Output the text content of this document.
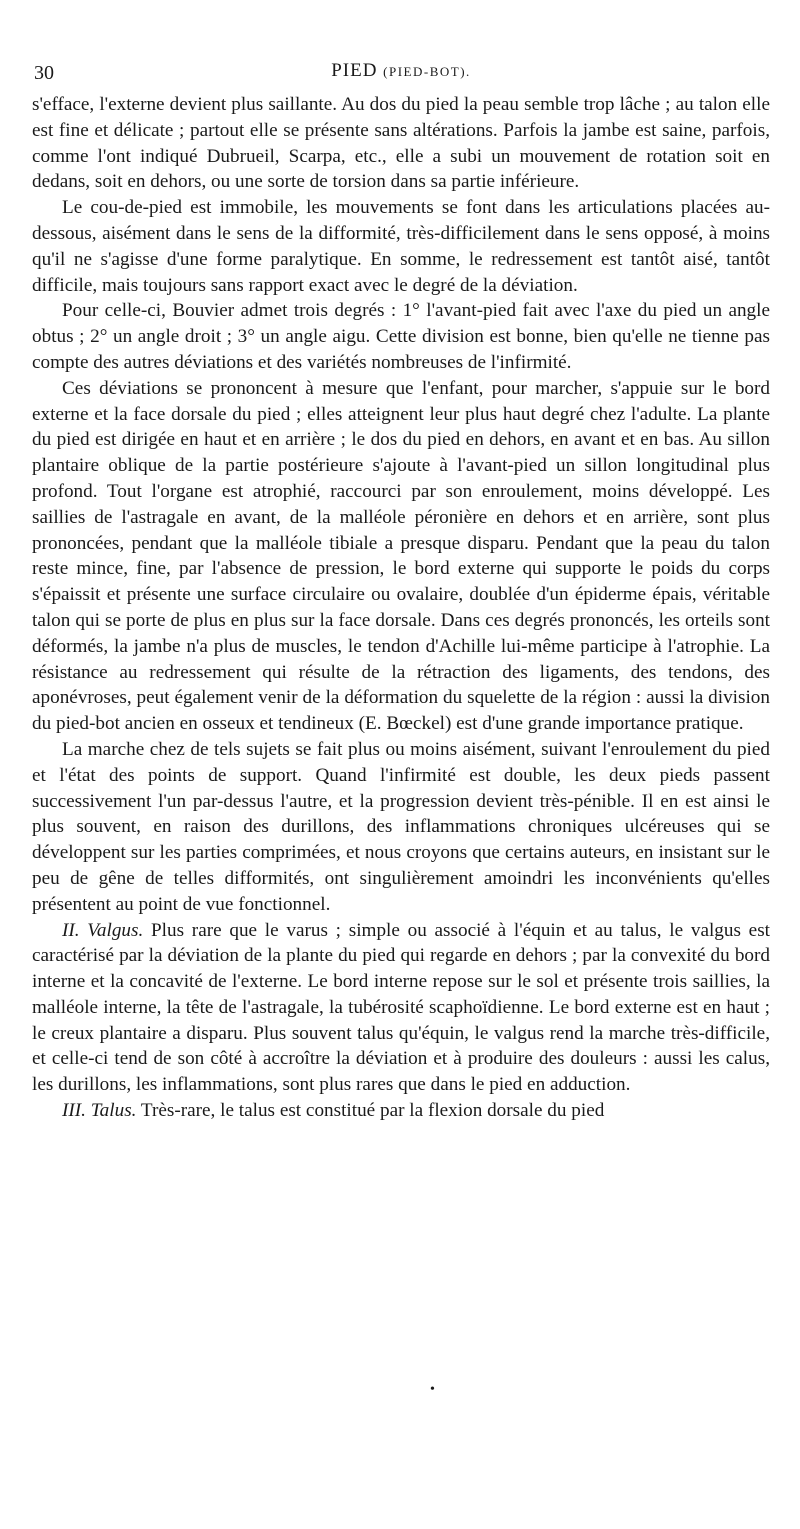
30	PIED (PIED-BOT).

s'efface, l'externe devient plus saillante. Au dos du pied la peau semble trop lâche ; au talon elle est fine et délicate ; partout elle se présente sans altérations. Parfois la jambe est saine, parfois, comme l'ont indiqué Dubrueil, Scarpa, etc., elle a subi un mouvement de rotation soit en dedans, soit en dehors, ou une sorte de torsion dans sa partie inférieure.

Le cou-de-pied est immobile, les mouvements se font dans les articulations placées au-dessous, aisément dans le sens de la difformité, très-difficilement dans le sens opposé, à moins qu'il ne s'agisse d'une forme paralytique. En somme, le redressement est tantôt aisé, tantôt difficile, mais toujours sans rapport exact avec le degré de la déviation.

Pour celle-ci, Bouvier admet trois degrés : 1° l'avant-pied fait avec l'axe du pied un angle obtus ; 2° un angle droit ; 3° un angle aigu. Cette division est bonne, bien qu'elle ne tienne pas compte des autres déviations et des variétés nombreuses de l'infirmité.

Ces déviations se prononcent à mesure que l'enfant, pour marcher, s'appuie sur le bord externe et la face dorsale du pied ; elles atteignent leur plus haut degré chez l'adulte. La plante du pied est dirigée en haut et en arrière ; le dos du pied en dehors, en avant et en bas. Au sillon plantaire oblique de la partie postérieure s'ajoute à l'avant-pied un sillon longitudinal plus profond. Tout l'organe est atrophié, raccourci par son enroulement, moins développé. Les saillies de l'astragale en avant, de la malléole péronière en dehors et en arrière, sont plus prononcées, pendant que la malléole tibiale a presque disparu. Pendant que la peau du talon reste mince, fine, par l'absence de pression, le bord externe qui supporte le poids du corps s'épaissit et présente une surface circulaire ou ovalaire, doublée d'un épiderme épais, véritable talon qui se porte de plus en plus sur la face dorsale. Dans ces degrés prononcés, les orteils sont déformés, la jambe n'a plus de muscles, le tendon d'Achille lui-même participe à l'atrophie. La résistance au redressement qui résulte de la rétraction des ligaments, des tendons, des aponévroses, peut également venir de la déformation du squelette de la région : aussi la division du pied-bot ancien en osseux et tendineux (E. Bœckel) est d'une grande importance pratique.

La marche chez de tels sujets se fait plus ou moins aisément, suivant l'enroulement du pied et l'état des points de support. Quand l'infirmité est double, les deux pieds passent successivement l'un par-dessus l'autre, et la progression devient très-pénible. Il en est ainsi le plus souvent, en raison des durillons, des inflammations chroniques ulcéreuses qui se développent sur les parties comprimées, et nous croyons que certains auteurs, en insistant sur le peu de gêne de telles difformités, ont singulièrement amoindri les inconvénients qu'elles présentent au point de vue fonctionnel.

II. Valgus. Plus rare que le varus ; simple ou associé à l'équin et au talus, le valgus est caractérisé par la déviation de la plante du pied qui regarde en dehors ; par la convexité du bord interne et la concavité de l'externe. Le bord interne repose sur le sol et présente trois saillies, la malléole interne, la tête de l'astragale, la tubérosité scaphoïdienne. Le bord externe est en haut ; le creux plantaire a disparu. Plus souvent talus qu'équin, le valgus rend la marche très-difficile, et celle-ci tend de son côté à accroître la déviation et à produire des douleurs : aussi les calus, les durillons, les inflammations, sont plus rares que dans le pied en adduction.

III. Talus. Très-rare, le talus est constitué par la flexion dorsale du pied

•
